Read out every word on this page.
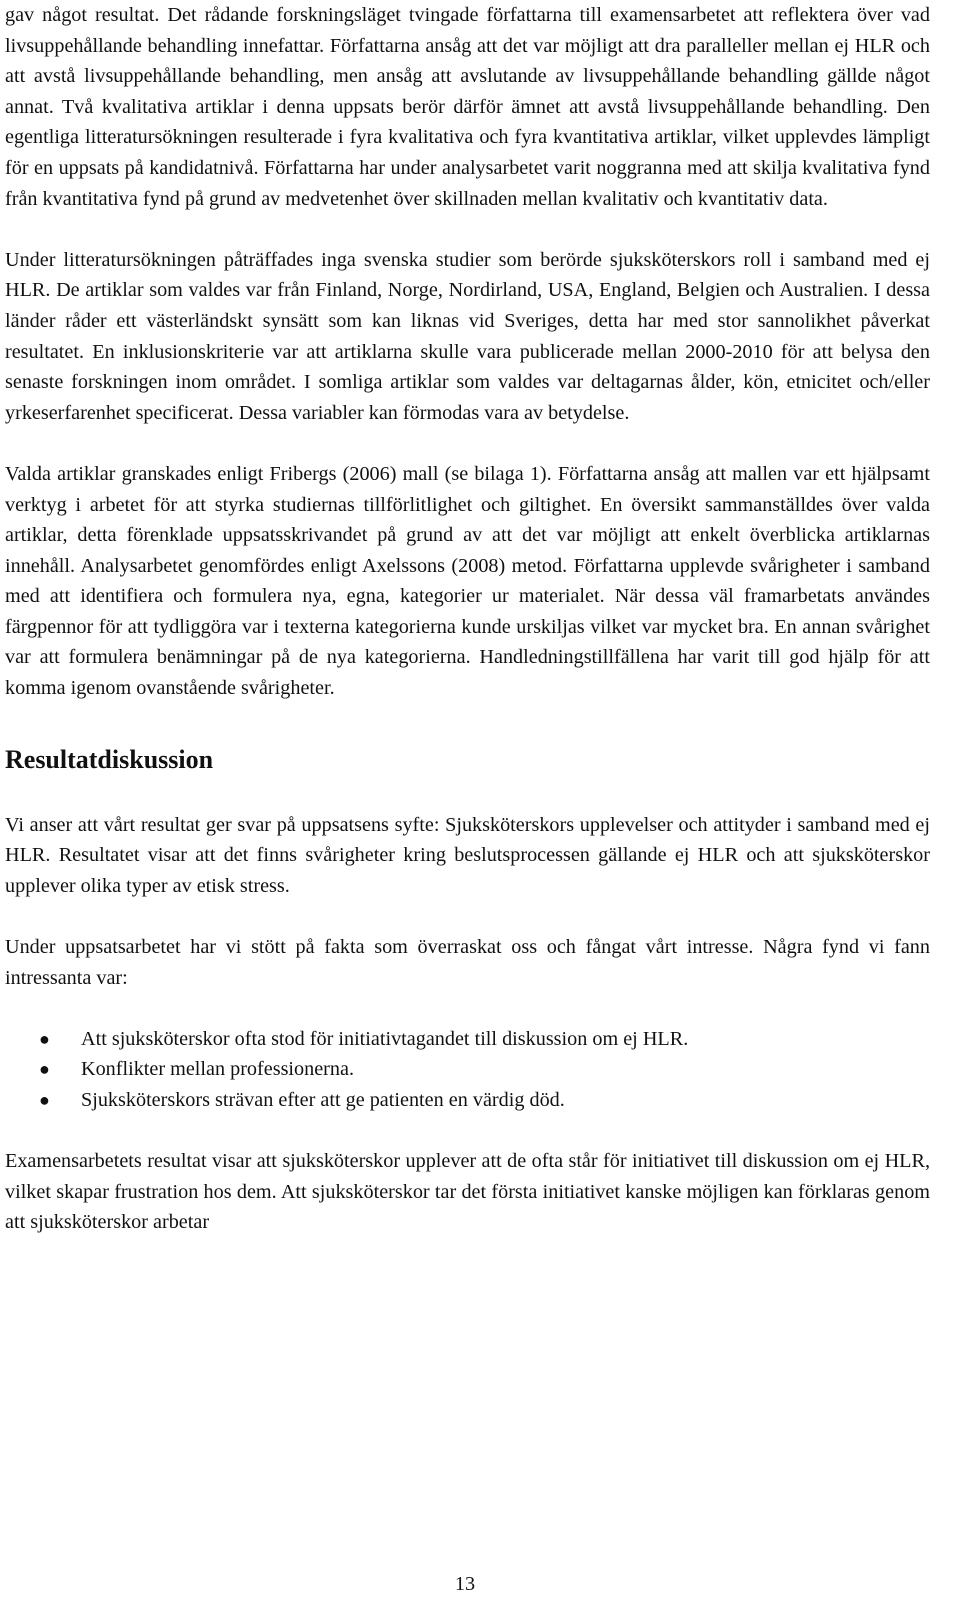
gav något resultat. Det rådande forskningsläget tvingade författarna till examensarbetet att reflektera över vad livsuppehållande behandling innefattar. Författarna ansåg att det var möjligt att dra paralleller mellan ej HLR och att avstå livsuppehållande behandling, men ansåg att avslutande av livsuppehållande behandling gällde något annat. Två kvalitativa artiklar i denna uppsats berör därför ämnet att avstå livsuppehållande behandling. Den egentliga litteratursökningen resulterade i fyra kvalitativa och fyra kvantitativa artiklar, vilket upplevdes lämpligt för en uppsats på kandidatnivå. Författarna har under analysarbetet varit noggranna med att skilja kvalitativa fynd från kvantitativa fynd på grund av medvetenhet över skillnaden mellan kvalitativ och kvantitativ data.

Under litteratursökningen påträffades inga svenska studier som berörde sjuksköterskors roll i samband med ej HLR. De artiklar som valdes var från Finland, Norge, Nordirland, USA, England, Belgien och Australien. I dessa länder råder ett västerländskt synsätt som kan liknas vid Sveriges, detta har med stor sannolikhet påverkat resultatet. En inklusionskriterie var att artiklarna skulle vara publicerade mellan 2000-2010 för att belysa den senaste forskningen inom området. I somliga artiklar som valdes var deltagarnas ålder, kön, etnicitet och/eller yrkeserfarenhet specificerat. Dessa variabler kan förmodas vara av betydelse.

Valda artiklar granskades enligt Fribergs (2006) mall (se bilaga 1). Författarna ansåg att mallen var ett hjälpsamt verktyg i arbetet för att styrka studiernas tillförlitlighet och giltighet. En översikt sammanställdes över valda artiklar, detta förenklade uppsatsskrivandet på grund av att det var möjligt att enkelt överblicka artiklarnas innehåll. Analysarbetet genomfördes enligt Axelssons (2008) metod. Författarna upplevde svårigheter i samband med att identifiera och formulera nya, egna, kategorier ur materialet. När dessa väl framarbetats användes färgpennor för att tydliggöra var i texterna kategorierna kunde urskiljas vilket var mycket bra. En annan svårighet var att formulera benämningar på de nya kategorierna. Handledningstillfällena har varit till god hjälp för att komma igenom ovanstående svårigheter.

Resultatdiskussion

Vi anser att vårt resultat ger svar på uppsatsens syfte: Sjuksköterskors upplevelser och attityder i samband med ej HLR. Resultatet visar att det finns svårigheter kring beslutsprocessen gällande ej HLR och att sjuksköterskor upplever olika typer av etisk stress.

Under uppsatsarbetet har vi stött på fakta som överraskat oss och fångat vårt intresse. Några fynd vi fann intressanta var:

● Att sjuksköterskor ofta stod för initiativtagandet till diskussion om ej HLR.
● Konflikter mellan professionerna.
● Sjuksköterskors strävan efter att ge patienten en värdig död.

Examensarbetets resultat visar att sjuksköterskor upplever att de ofta står för initiativet till diskussion om ej HLR, vilket skapar frustration hos dem. Att sjuksköterskor tar det första initiativet kanske möjligen kan förklaras genom att sjuksköterskor arbetar

13
